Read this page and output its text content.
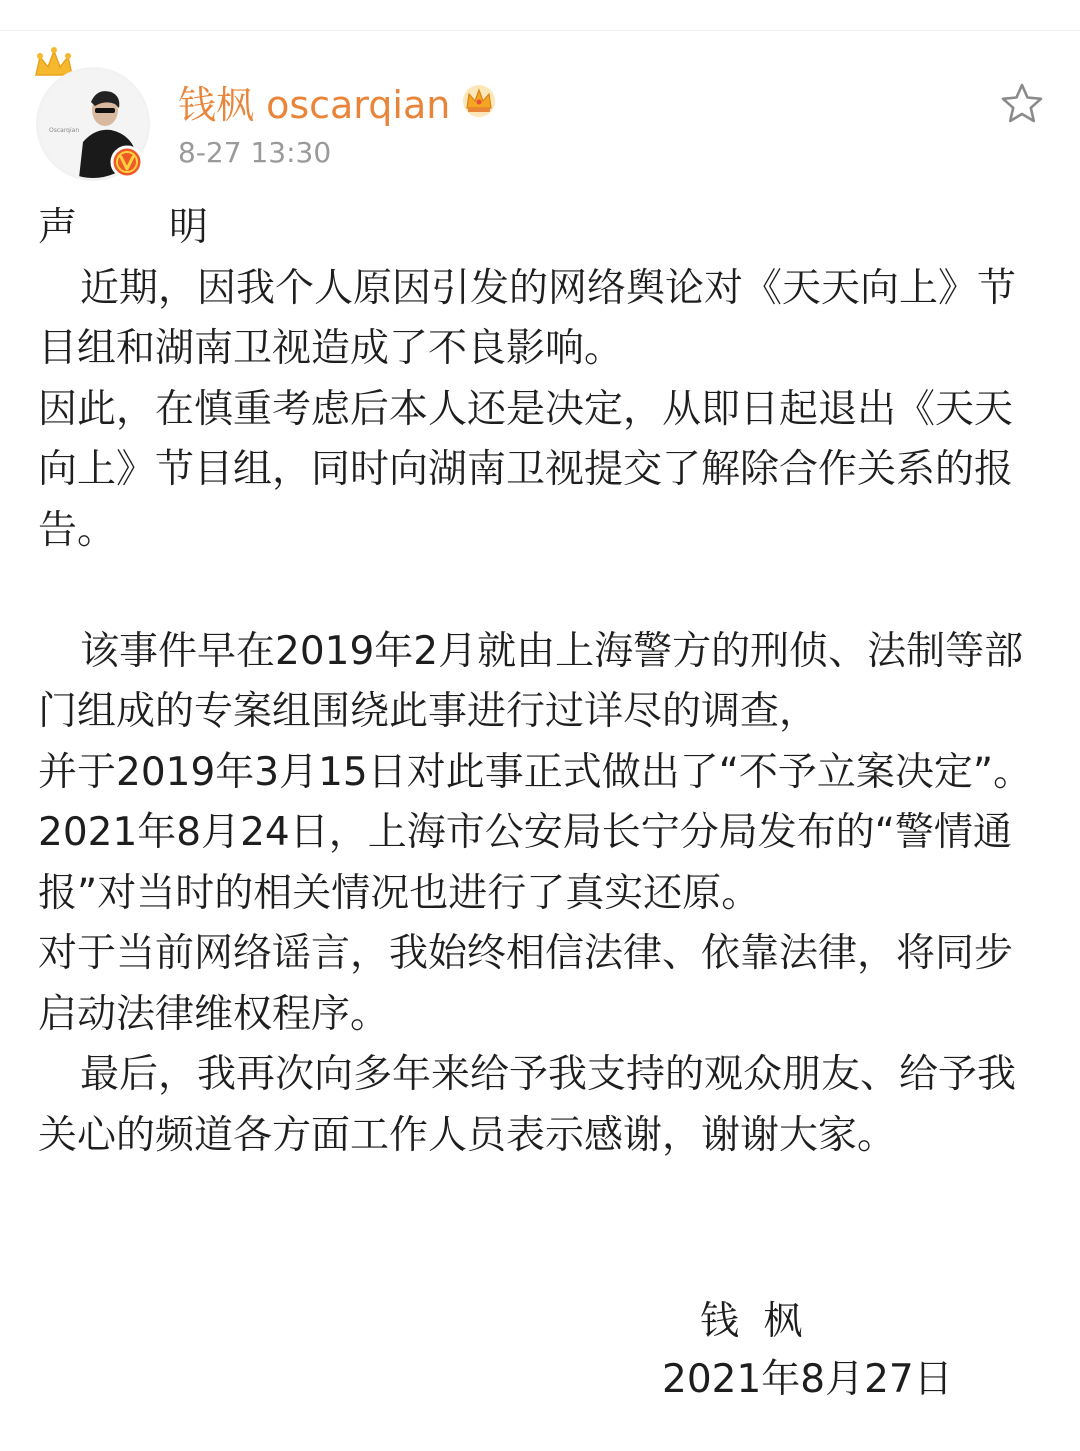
Oscarqian
钱枫 oscarqian
8-27 13:30

声明

近期，因我个人原因引发的网络舆论对《天天向上》节目组和湖南卫视造成了不良影响。

因此，在慎重考虑后本人还是决定，从即日起退出《天天向上》节目组，同时向湖南卫视提交了解除合作关系的报告。

该事件早在2019年2月就由上海警方的刑侦、法制等部门组成的专案组围绕此事进行过详尽的调查，

并于2019年3月15日对此事正式做出了“不予立案决定”。2021年8月24日，上海市公安局长宁分局发布的“警情通报”对当时的相关情况也进行了真实还原。

对于当前网络谣言，我始终相信法律、依靠法律，将同步启动法律维权程序。

最后，我再次向多年来给予我支持的观众朋友、给予我关心的频道各方面工作人员表示感谢，谢谢大家。

钱 枫
2021年8月27日
